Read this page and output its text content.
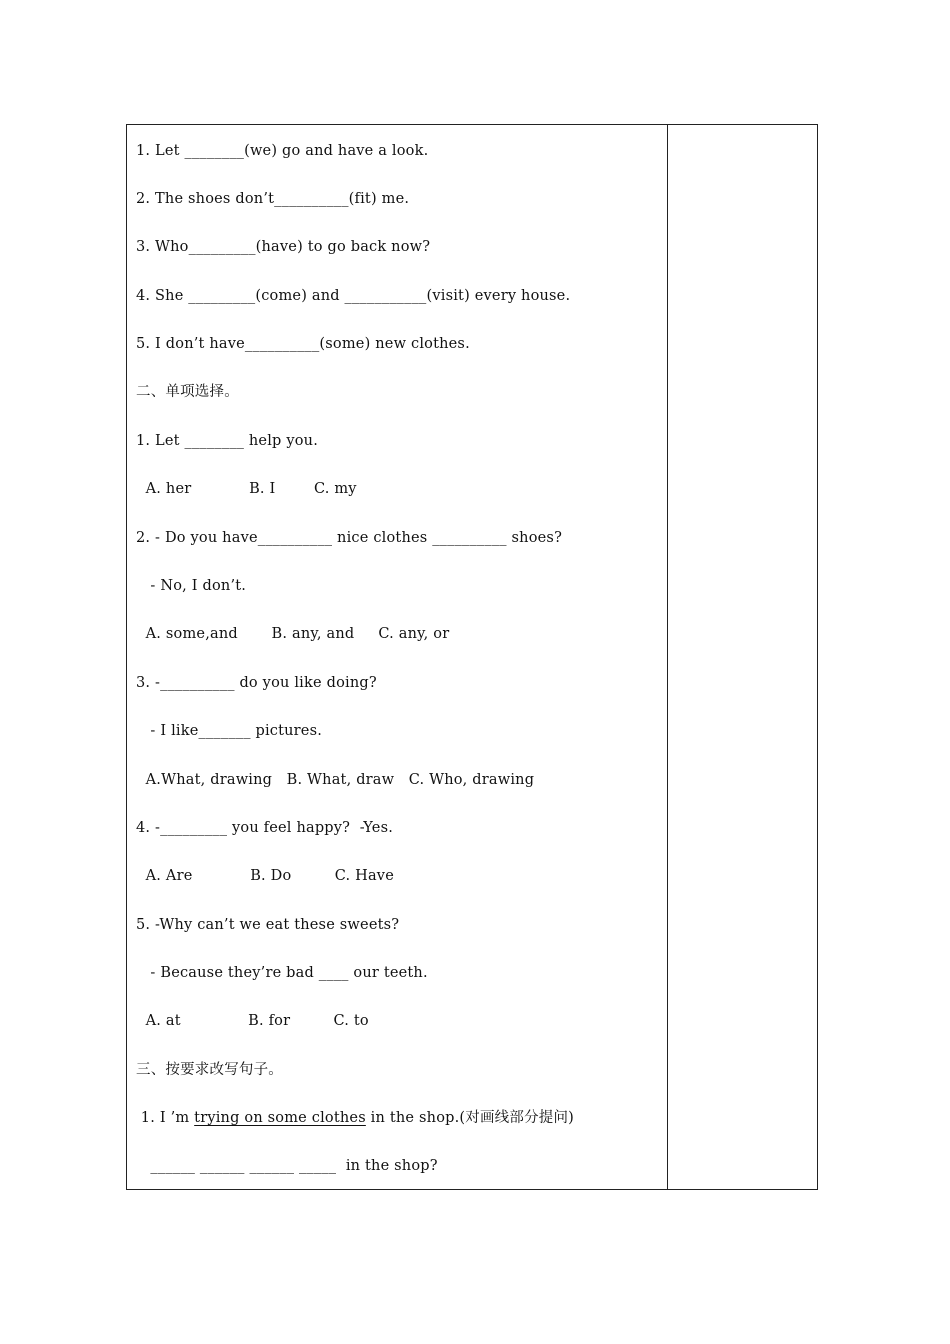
1. Let ________(we) go and have a look.
2. The shoes don’t__________(fit) me.
3. Who_________(have) to go back now?
4. She _________(come) and ___________(visit) every house.
5. I don’t have__________(some) new clothes.
二、单项选择。
1. Let ________ help you.
A. her            B. I        C. my
2. - Do you have__________ nice clothes __________ shoes?
- No, I don’t.
A. some,and       B. any, and     C. any, or
3. -__________ do you like doing?
- I like_______ pictures.
A.What, drawing   B. What, draw   C. Who, drawing
4. -_________ you feel happy?  -Yes.
A. Are            B. Do         C. Have
5. -Why can’t we eat these sweets?
- Because they’re bad ____ our teeth.
A. at              B. for         C. to
三、按要求改写句子。
1. I ’m trying on some clothes in the shop.(对画线部分提问)
______ ______ ______ _____  in the shop?
